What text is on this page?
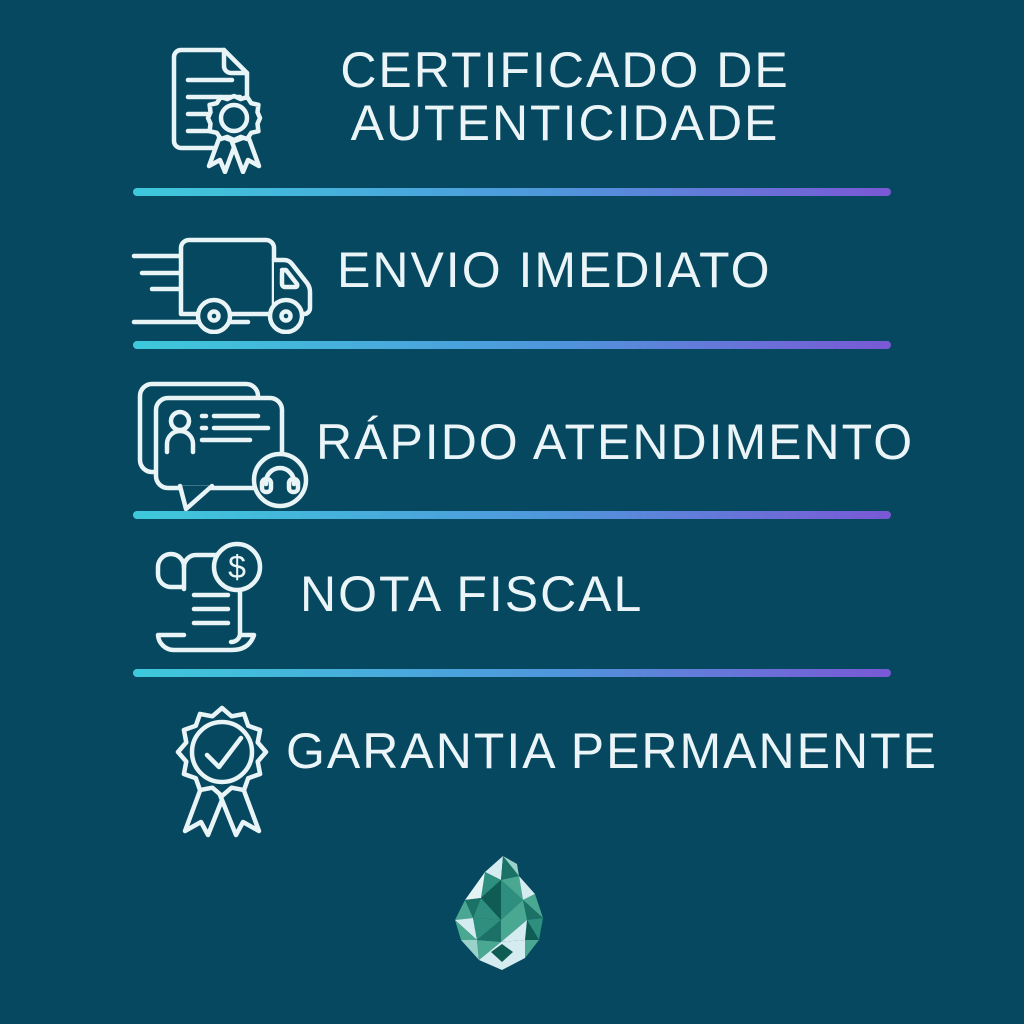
CERTIFICADO DE
AUTENTICIDADE
ENVIO IMEDIATO
RÁPIDO ATENDIMENTO
$ NOTA FISCAL
GARANTIA PERMANENTE
